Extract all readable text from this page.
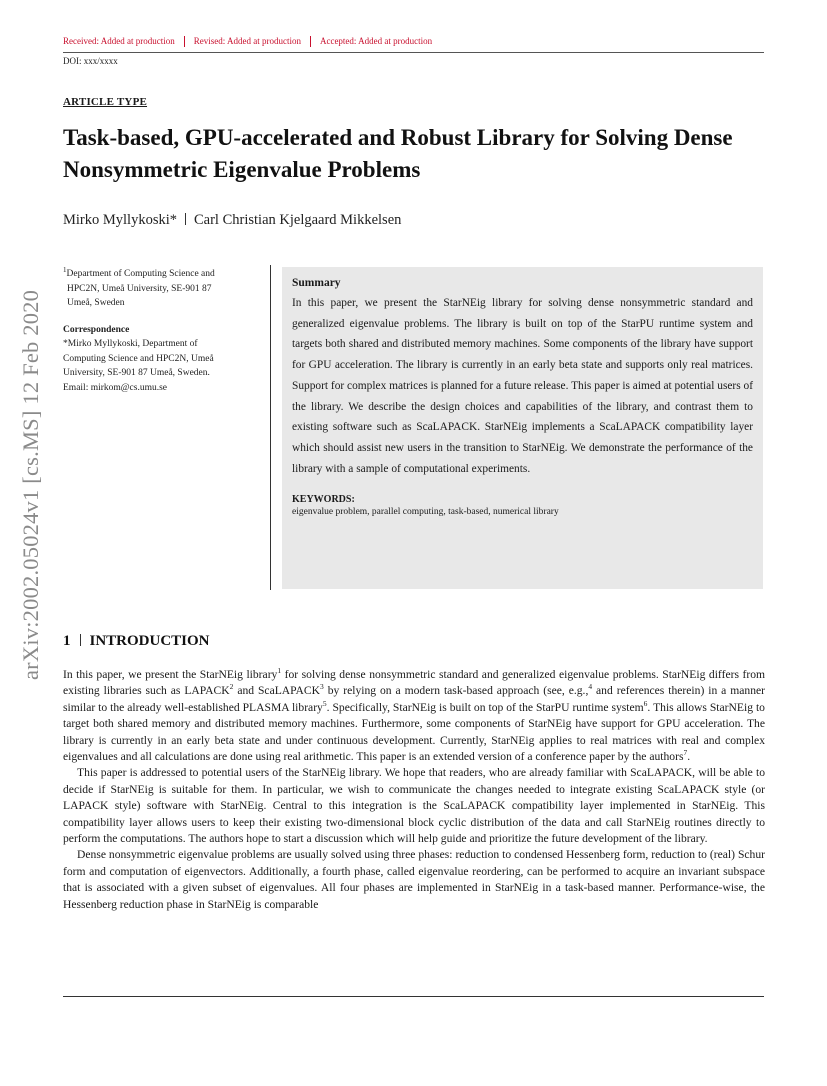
Received: Added at production Revised: Added at production Accepted: Added at production
DOI: xxx/xxxx
ARTICLE TYPE
Task-based, GPU-accelerated and Robust Library for Solving Dense Nonsymmetric Eigenvalue Problems
Mirko Myllykoski* Carl Christian Kjelgaard Mikkelsen
$^1$Department of Computing Science and
HPC2N, Umeå University, SE-901 87
Umeå, Sweden
Correspondence
*Mirko Myllykoski, Department of
Computing Science and HPC2N, Umeå
University, SE-901 87 Umeå, Sweden.
Email: mirkom@cs.umu.se
Summary
In this paper, we present the StarNEig library for solving dense nonsymmetric standard and generalized eigenvalue problems. The library is built on top of the StarPU runtime system and targets both shared and distributed memory machines. Some components of the library have support for GPU acceleration. The library is currently in an early beta state and supports only real matrices. Support for complex matrices is planned for a future release. This paper is aimed at potential users of the library. We describe the design choices and capabilities of the library, and contrast them to existing software such as ScaLAPACK. StarNEig implements a ScaLAPACK compatibility layer which should assist new users in the transition to StarNEig. We demonstrate the performance of the library with a sample of computational experiments.
KEYWORDS:
eigenvalue problem, parallel computing, task-based, numerical library
arXiv:2002.05024v1 [cs.MS] 12 Feb 2020 1 INTRODUCTION

In this paper, we present the StarNEig library$^1$ for solving dense nonsymmetric standard and generalized eigenvalue problems. StarNEig differs from existing libraries such as LAPACK$^2$ and ScaLAPACK$^3$ by relying on a modern task-based approach (see, e.g.,$^4$ and references therein) in a manner similar to the already well-established PLASMA library$^5$. Specifically, StarNEig is built on top of the StarPU runtime system$^6$. This allows StarNEig to target both shared memory and distributed memory machines. Furthermore, some components of StarNEig have support for GPU acceleration. The library is currently in an early beta state and under continuous development. Currently, StarNEig applies to real matrices with real and complex eigenvalues and all calculations are done using real arithmetic. This paper is an extended version of a conference paper by the authors$^7$.

This paper is addressed to potential users of the StarNEig library. We hope that readers, who are already familiar with ScaLAPACK, will be able to decide if StarNEig is suitable for them. In particular, we wish to communicate the changes needed to integrate existing ScaLAPACK style (or LAPACK style) software with StarNEig. Central to this integration is the ScaLAPACK compatibility layer implemented in StarNEig. This compatibility layer allows users to keep their existing two-dimensional block cyclic distribution of the data and call StarNEig routines directly to perform the computations. The authors hope to start a discussion which will help guide and prioritize the future development of the library.

Dense nonsymmetric eigenvalue problems are usually solved using three phases: reduction to condensed Hessenberg form, reduction to (real) Schur form and computation of eigenvectors. Additionally, a fourth phase, called eigenvalue reordering, can be performed to acquire an invariant subspace that is associated with a given subset of eigenvalues. All four phases are implemented in StarNEig in a task-based manner. Performance-wise, the Hessenberg reduction phase in StarNEig is comparable
